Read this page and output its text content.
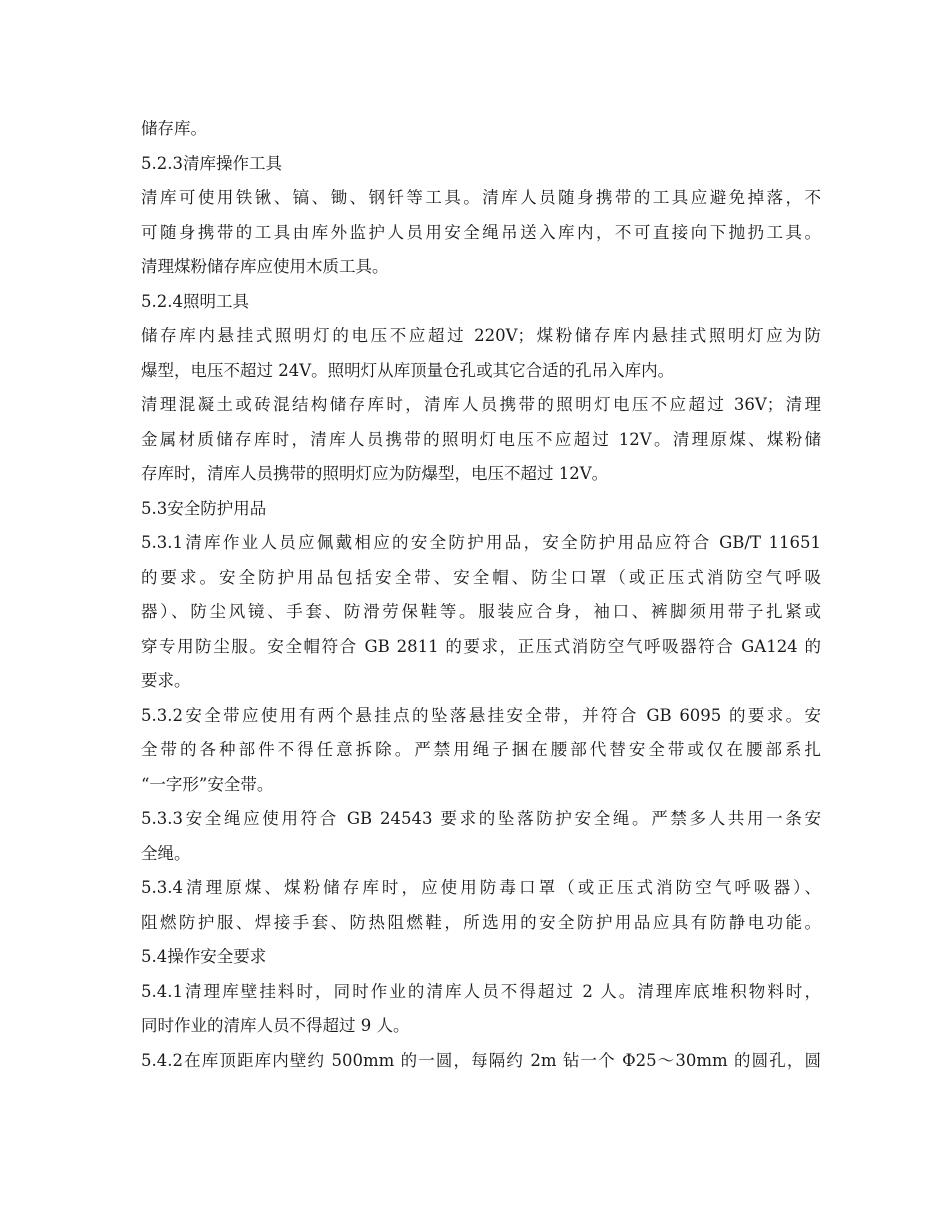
储存库。
5.2.3清库操作工具
清库可使用铁锹、镐、锄、钢钎等工具。清库人员随身携带的工具应避免掉落，不
可随身携带的工具由库外监护人员用安全绳吊送入库内，不可直接向下抛扔工具。
清理煤粉储存库应使用木质工具。
5.2.4照明工具
储存库内悬挂式照明灯的电压不应超过 220V；煤粉储存库内悬挂式照明灯应为防
爆型，电压不超过 24V。照明灯从库顶量仓孔或其它合适的孔吊入库内。
清理混凝土或砖混结构储存库时，清库人员携带的照明灯电压不应超过 36V；清理
金属材质储存库时，清库人员携带的照明灯电压不应超过 12V。清理原煤、煤粉储
存库时，清库人员携带的照明灯应为防爆型，电压不超过 12V。
5.3安全防护用品
5.3.1清库作业人员应佩戴相应的安全防护用品，安全防护用品应符合 GB/T 11651
的要求。安全防护用品包括安全带、安全帽、防尘口罩（或正压式消防空气呼吸
器）、防尘风镜、手套、防滑劳保鞋等。服装应合身，袖口、裤脚须用带子扎紧或
穿专用防尘服。安全帽符合 GB 2811 的要求，正压式消防空气呼吸器符合 GA124 的
要求。
5.3.2安全带应使用有两个悬挂点的坠落悬挂安全带，并符合 GB 6095 的要求。安
全带的各种部件不得任意拆除。严禁用绳子捆在腰部代替安全带或仅在腰部系扎
“一字形”安全带。
5.3.3安全绳应使用符合 GB 24543 要求的坠落防护安全绳。严禁多人共用一条安
全绳。
5.3.4清理原煤、煤粉储存库时，应使用防毒口罩（或正压式消防空气呼吸器）、
阻燃防护服、焊接手套、防热阻燃鞋，所选用的安全防护用品应具有防静电功能。
5.4操作安全要求
5.4.1清理库壁挂料时，同时作业的清库人员不得超过 2 人。清理库底堆积物料时，
同时作业的清库人员不得超过 9 人。
5.4.2在库顶距库内壁约 500mm 的一圆，每隔约 2m 钻一个 Φ25～30mm 的圆孔，圆
